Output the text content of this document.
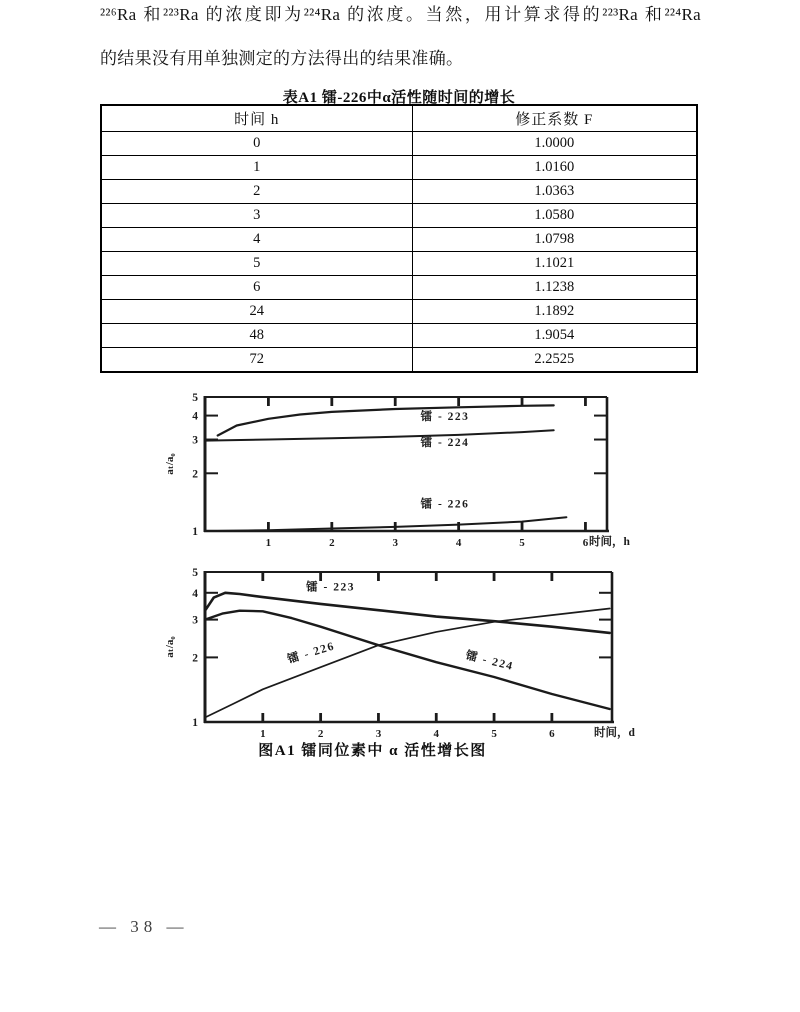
²²⁶Ra 和²²³Ra 的浓度即为²²⁴Ra 的浓度。当然，用计算求得的²²³Ra 和²²⁴Ra
的结果没有用单独测定的方法得出的结果准确。
表A1 镭-226中α活性随时间的增长
时间 h	修正系数 F
0	1.0000
1	1.0160
2	1.0363
3	1.0580
4	1.0798
5	1.1021
6	1.1238
24	1.1892
48	1.9054
72	2.2525
1	2	3	4	5	6
1
2
3
4
5
镭 - 223
镭 - 224
镭 - 226
时间，h
aₜ/a₀
1	2	3	4	5	6
1
2
3
4
5
镭 - 223
镭 - 226	镭 - 224
时间，d
aₜ/a₀
图A1 镭同位素中 α 活性增长图
— 38 —
